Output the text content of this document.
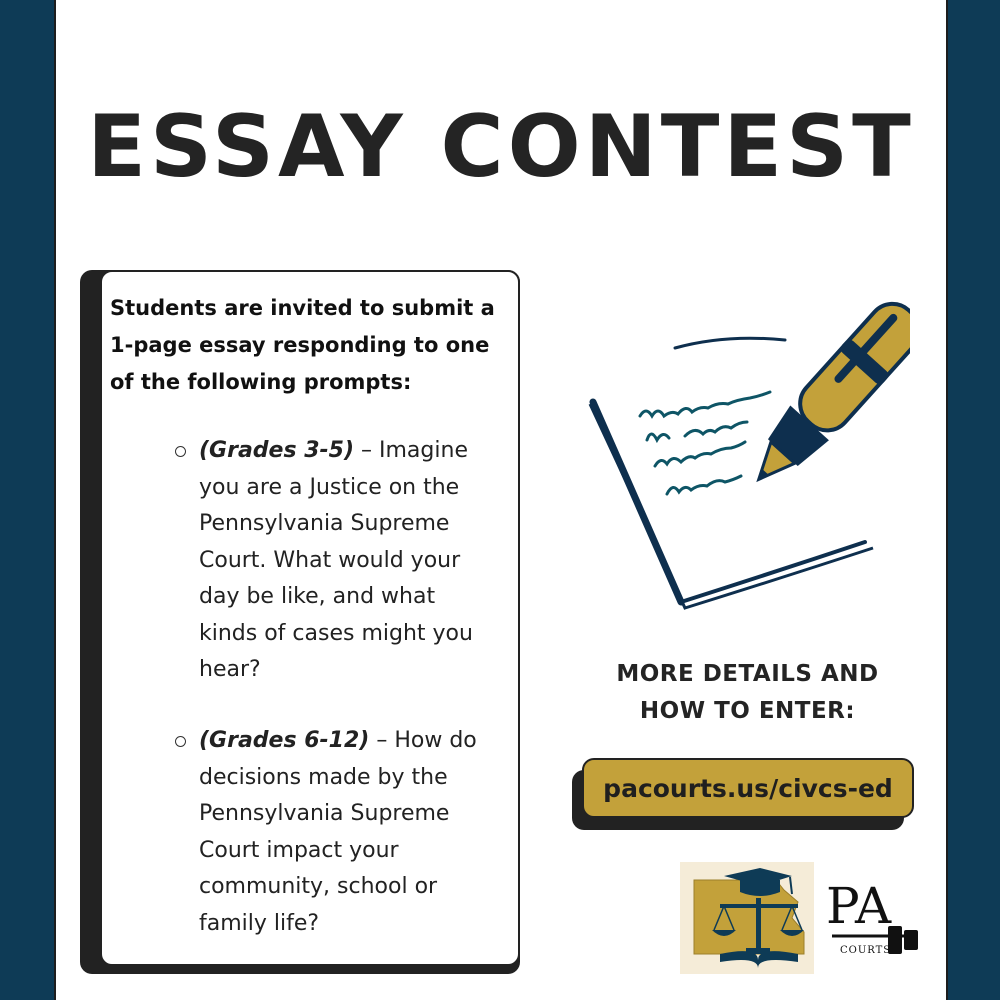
ESSAY CONTEST
Students are invited to submit a 1-page essay responding to one of the following prompts:
(Grades 3-5) – Imagine you are a Justice on the Pennsylvania Supreme Court. What would your day be like, and what kinds of cases might you hear?
(Grades 6-12) – How do decisions made by the Pennsylvania Supreme Court impact your community, school or family life?
MORE DETAILS AND
HOW TO ENTER:
pacourts.us/civcs-ed
PA
COURTS
